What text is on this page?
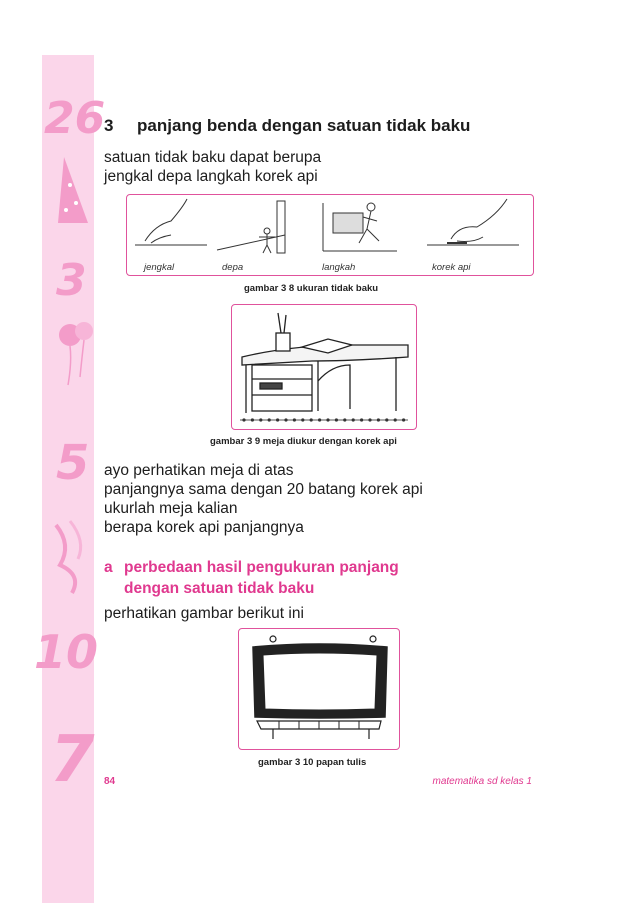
26
3
5
10
7
3 panjang benda dengan satuan tidak baku
satuan tidak baku dapat berupa
jengkal depa langkah korek api
jengkal	depa	langkah	korek api
gambar 3 8 ukuran tidak baku
gambar 3 9 meja diukur dengan korek api
ayo perhatikan meja di atas
panjangnya sama dengan 20 batang korek api
ukurlah meja kalian
berapa korek api panjangnya
a perbedaan hasil pengukuran panjang
dengan satuan tidak baku
perhatikan gambar berikut ini
gambar 3 10 papan tulis
84	matematika sd kelas 1
